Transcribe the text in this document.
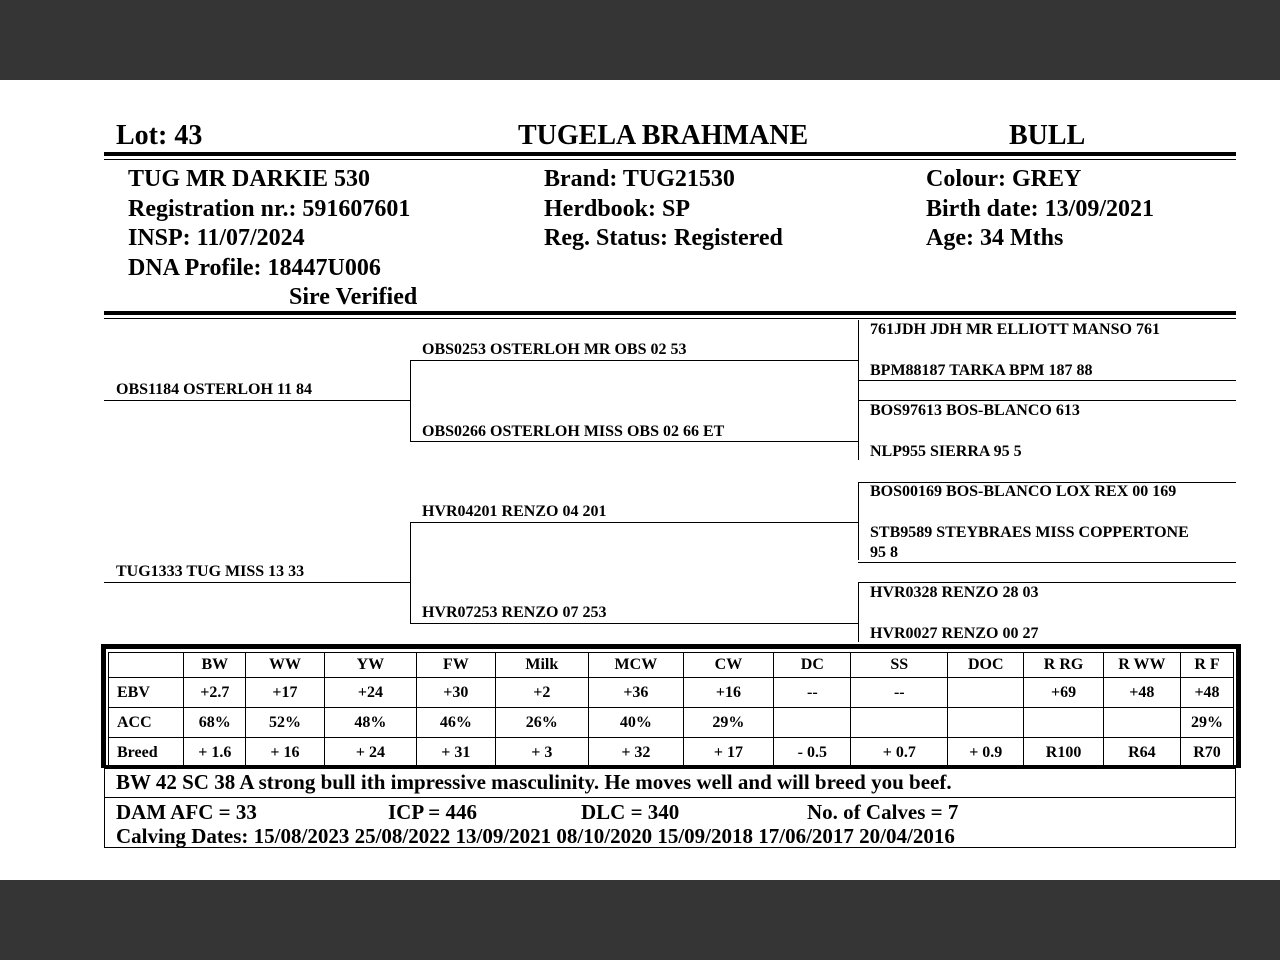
Lot: 43	TUGELA BRAHMANE	BULL
TUG MR DARKIE 530
Registration nr.: 591607601
INSP: 11/07/2024
DNA Profile: 18447U006
Sire Verified
Brand: TUG21530
Herdbook: SP
Reg. Status: Registered
Colour: GREY
Birth date: 13/09/2021
Age: 34 Mths
OBS1184 OSTERLOH 11 84
TUG1333 TUG MISS 13 33
OBS0253 OSTERLOH MR OBS 02 53
OBS0266 OSTERLOH MISS OBS 02 66 ET
HVR04201 RENZO 04 201
HVR07253 RENZO 07 253
761JDH JDH MR ELLIOTT MANSO 761
BPM88187 TARKA BPM 187 88
BOS97613 BOS-BLANCO 613
NLP955 SIERRA 95 5
BOS00169 BOS-BLANCO LOX REX 00 169
STB9589 STEYBRAES MISS COPPERTONE
95 8
HVR0328 RENZO 28 03
HVR0027 RENZO 00 27
	BW	WW	YW	FW	Milk	MCW	CW	DC	SS	DOC	R RG	R WW	R F
EBV	+2.7	+17	+24	+30	+2	+36	+16	--	--		+69	+48	+48
ACC	68%	52%	48%	46%	26%	40%	29%						29%
Breed	+ 1.6	+ 16	+ 24	+ 31	+ 3	+ 32	+ 17	- 0.5	+ 0.7	+ 0.9	R100	R64	R70
BW 42 SC 38 A strong bull ith impressive masculinity. He moves well and will breed you beef.
DAM AFC = 33	ICP = 446	DLC = 340	No. of Calves = 7
Calving Dates: 15/08/2023 25/08/2022 13/09/2021 08/10/2020 15/09/2018 17/06/2017 20/04/2016
